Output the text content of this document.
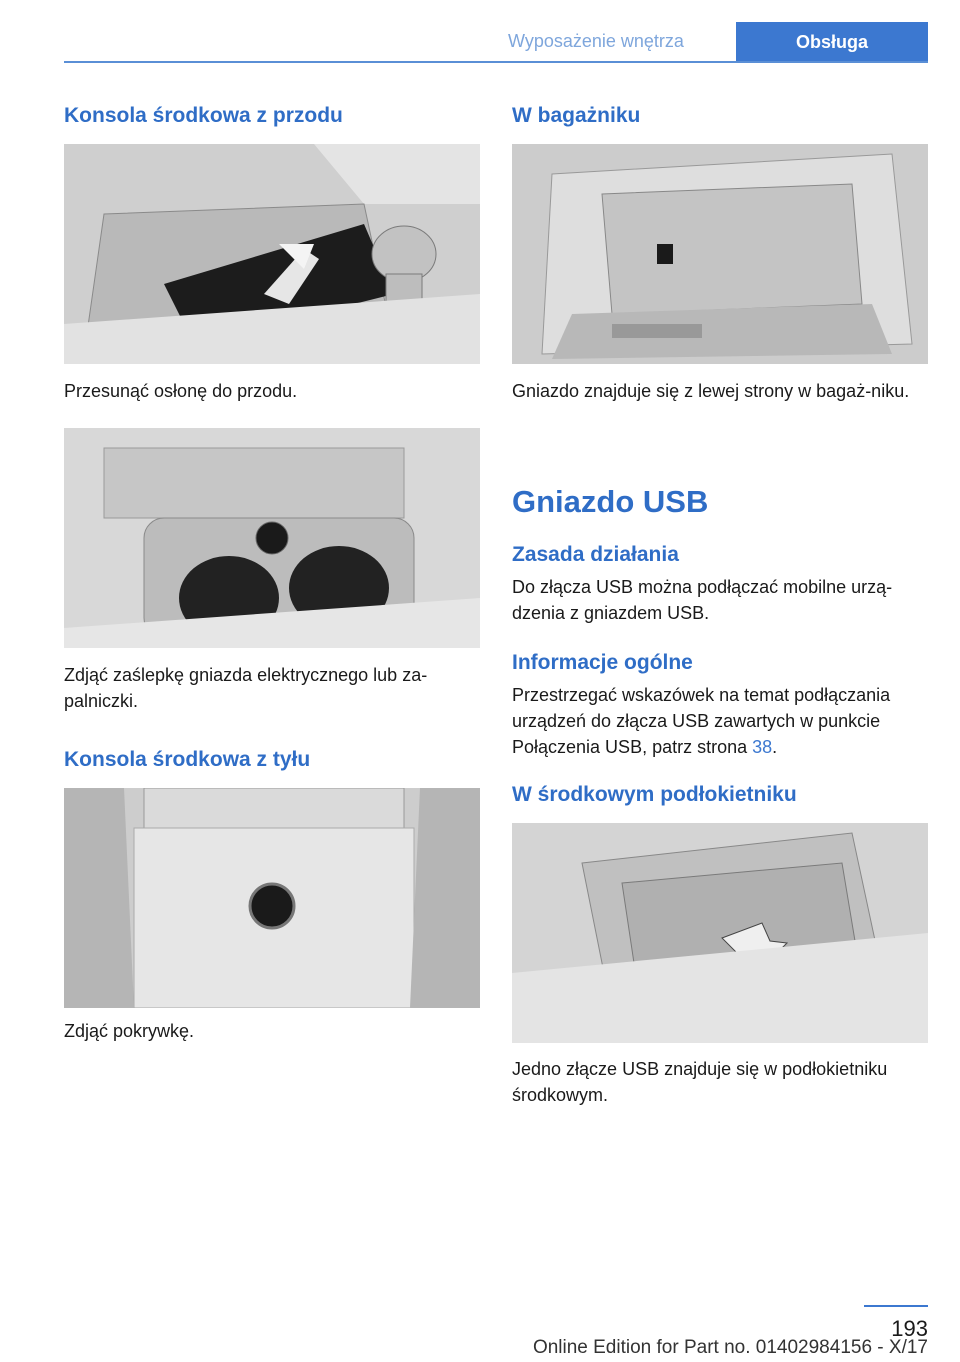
Wyposażenie wnętrza	Obsługa
Konsola środkowa z przodu

Przesunąć osłonę do przodu.

Zdjąć zaślepkę gniazda elektrycznego lub za-palniczki.

Konsola środkowa z tyłu

Zdjąć pokrywkę.

W bagażniku

Gniazdo znajduje się z lewej strony w bagaż-niku.

Gniazdo USB
Zasada działania

Do złącza USB można podłączać mobilne urzą-dzenia z gniazdem USB.

Informacje ogólne

Przestrzegać wskazówek na temat podłączania urządzeń do złącza USB zawartych w punkcie Połączenia USB, patrz strona 38.

W środkowym podłokietniku

Jedno złącze USB znajduje się w podłokietniku środkowym.

193
Online Edition for Part no. 01402984156 - X/17
